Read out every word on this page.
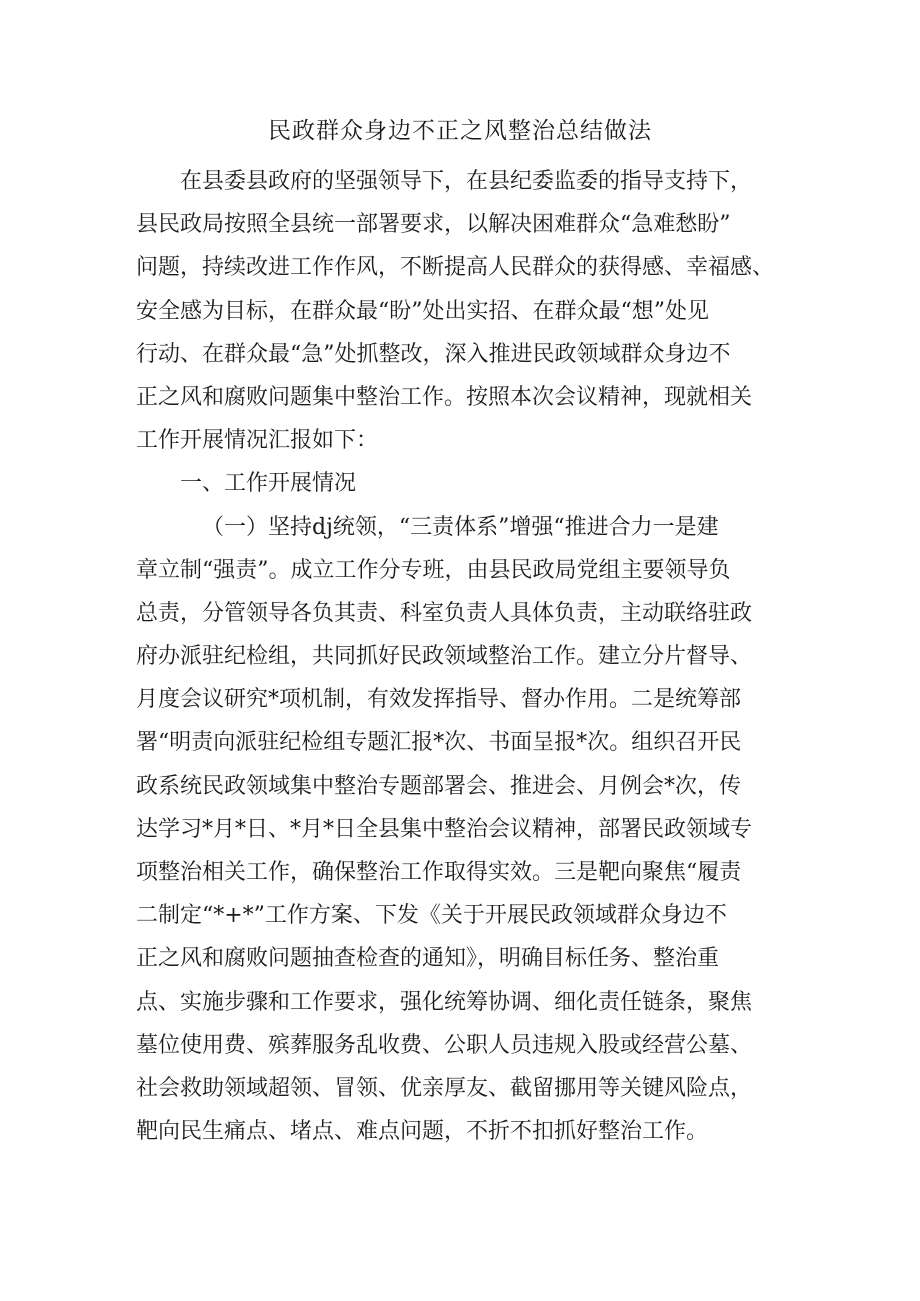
民政群众身边不正之风整治总结做法
在县委县政府的坚强领导下，在县纪委监委的指导支持下，
县民政局按照全县统一部署要求，以解决困难群众“急难愁盼”
问题，持续改进工作作风，不断提高人民群众的获得感、幸福感、
安全感为目标，在群众最“盼”处出实招、在群众最“想”处见
行动、在群众最“急”处抓整改，深入推进民政领域群众身边不
正之风和腐败问题集中整治工作。按照本次会议精神，现就相关
工作开展情况汇报如下：
一、工作开展情况
（一）坚持dj统领，“三责体系”增强“推进合力一是建
章立制“强责”。成立工作分专班，由县民政局党组主要领导负
总责，分管领导各负其责、科室负责人具体负责，主动联络驻政
府办派驻纪检组，共同抓好民政领域整治工作。建立分片督导、
月度会议研究*项机制，有效发挥指导、督办作用。二是统筹部
署“明责向派驻纪检组专题汇报*次、书面呈报*次。组织召开民
政系统民政领域集中整治专题部署会、推进会、月例会*次，传
达学习*月*日、*月*日全县集中整治会议精神，部署民政领域专
项整治相关工作，确保整治工作取得实效。三是靶向聚焦“履责
二制定“*+*”工作方案、下发《关于开展民政领域群众身边不
正之风和腐败问题抽查检查的通知》，明确目标任务、整治重
点、实施步骤和工作要求，强化统筹协调、细化责任链条，聚焦
墓位使用费、殡葬服务乱收费、公职人员违规入股或经营公墓、
社会救助领域超领、冒领、优亲厚友、截留挪用等关键风险点，
靶向民生痛点、堵点、难点问题，不折不扣抓好整治工作。
